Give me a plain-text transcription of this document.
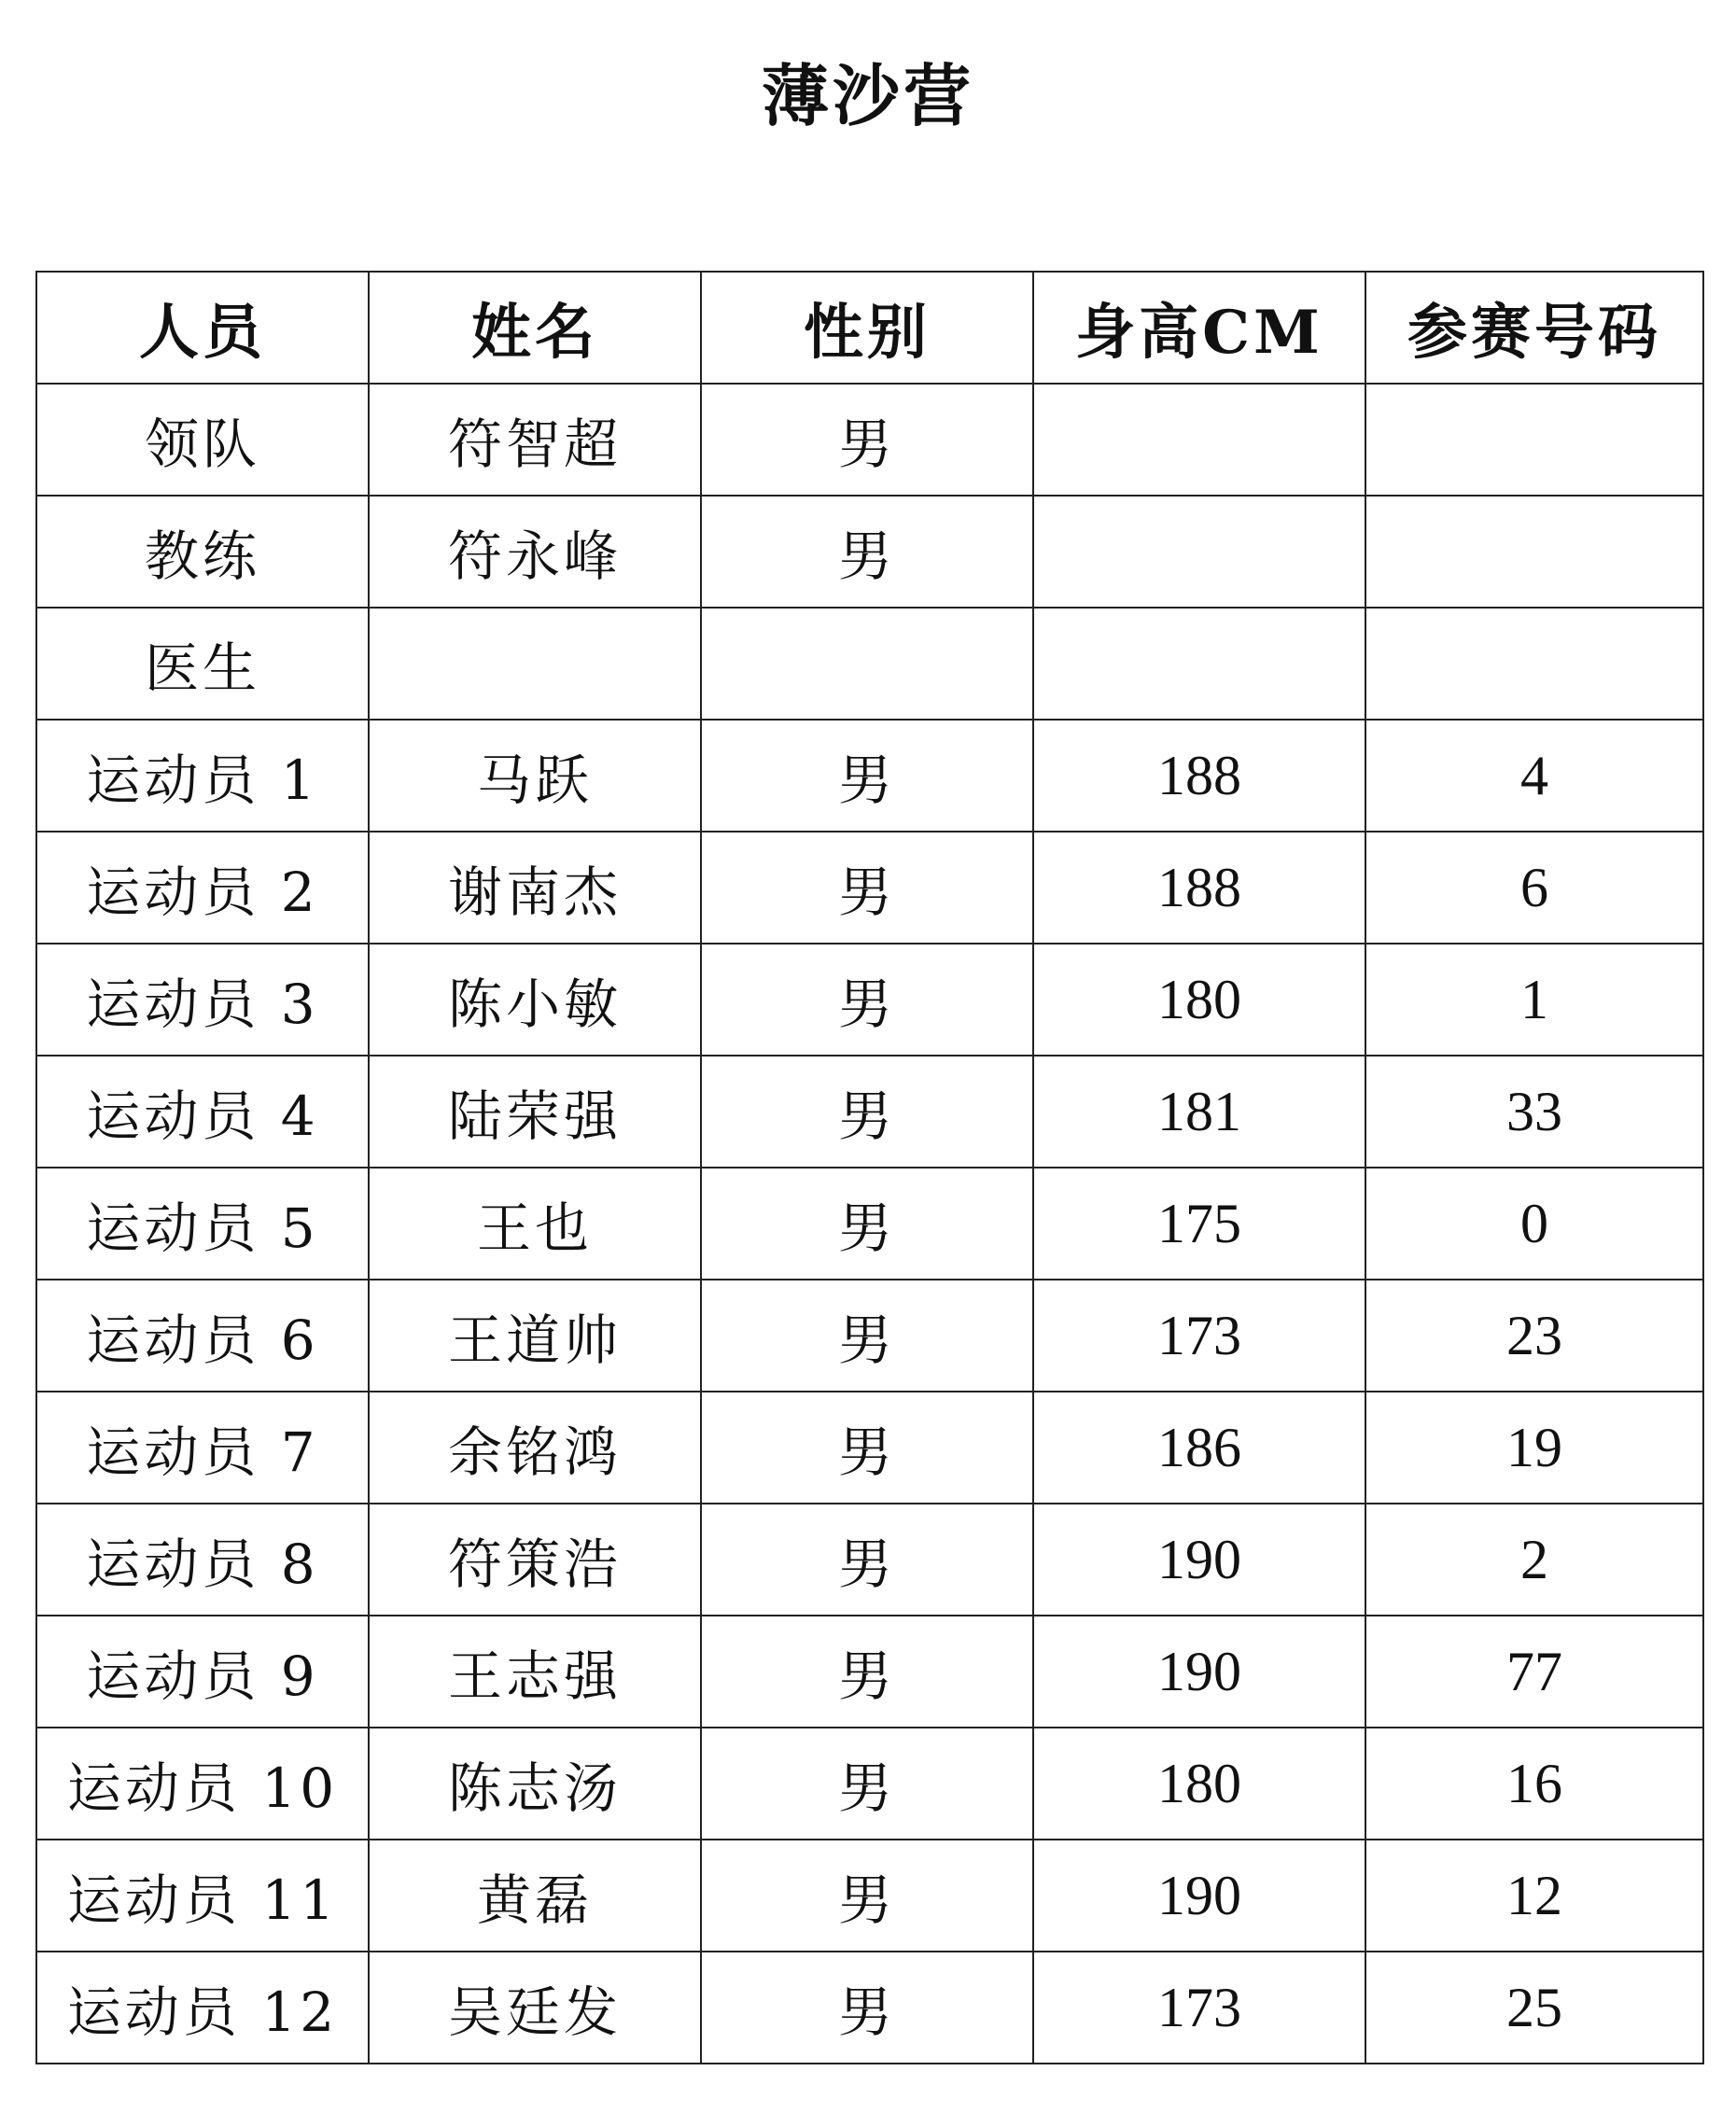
薄沙营
人员	姓名	性别	身高CM	参赛号码
领队	符智超	男		
教练	符永峰	男		
医生				
运动员 1	马跃	男	188	4
运动员 2	谢南杰	男	188	6
运动员 3	陈小敏	男	180	1
运动员 4	陆荣强	男	181	33
运动员 5	王也	男	175	0
运动员 6	王道帅	男	173	23
运动员 7	余铭鸿	男	186	19
运动员 8	符策浩	男	190	2
运动员 9	王志强	男	190	77
运动员 10	陈志汤	男	180	16
运动员 11	黄磊	男	190	12
运动员 12	吴廷发	男	173	25
